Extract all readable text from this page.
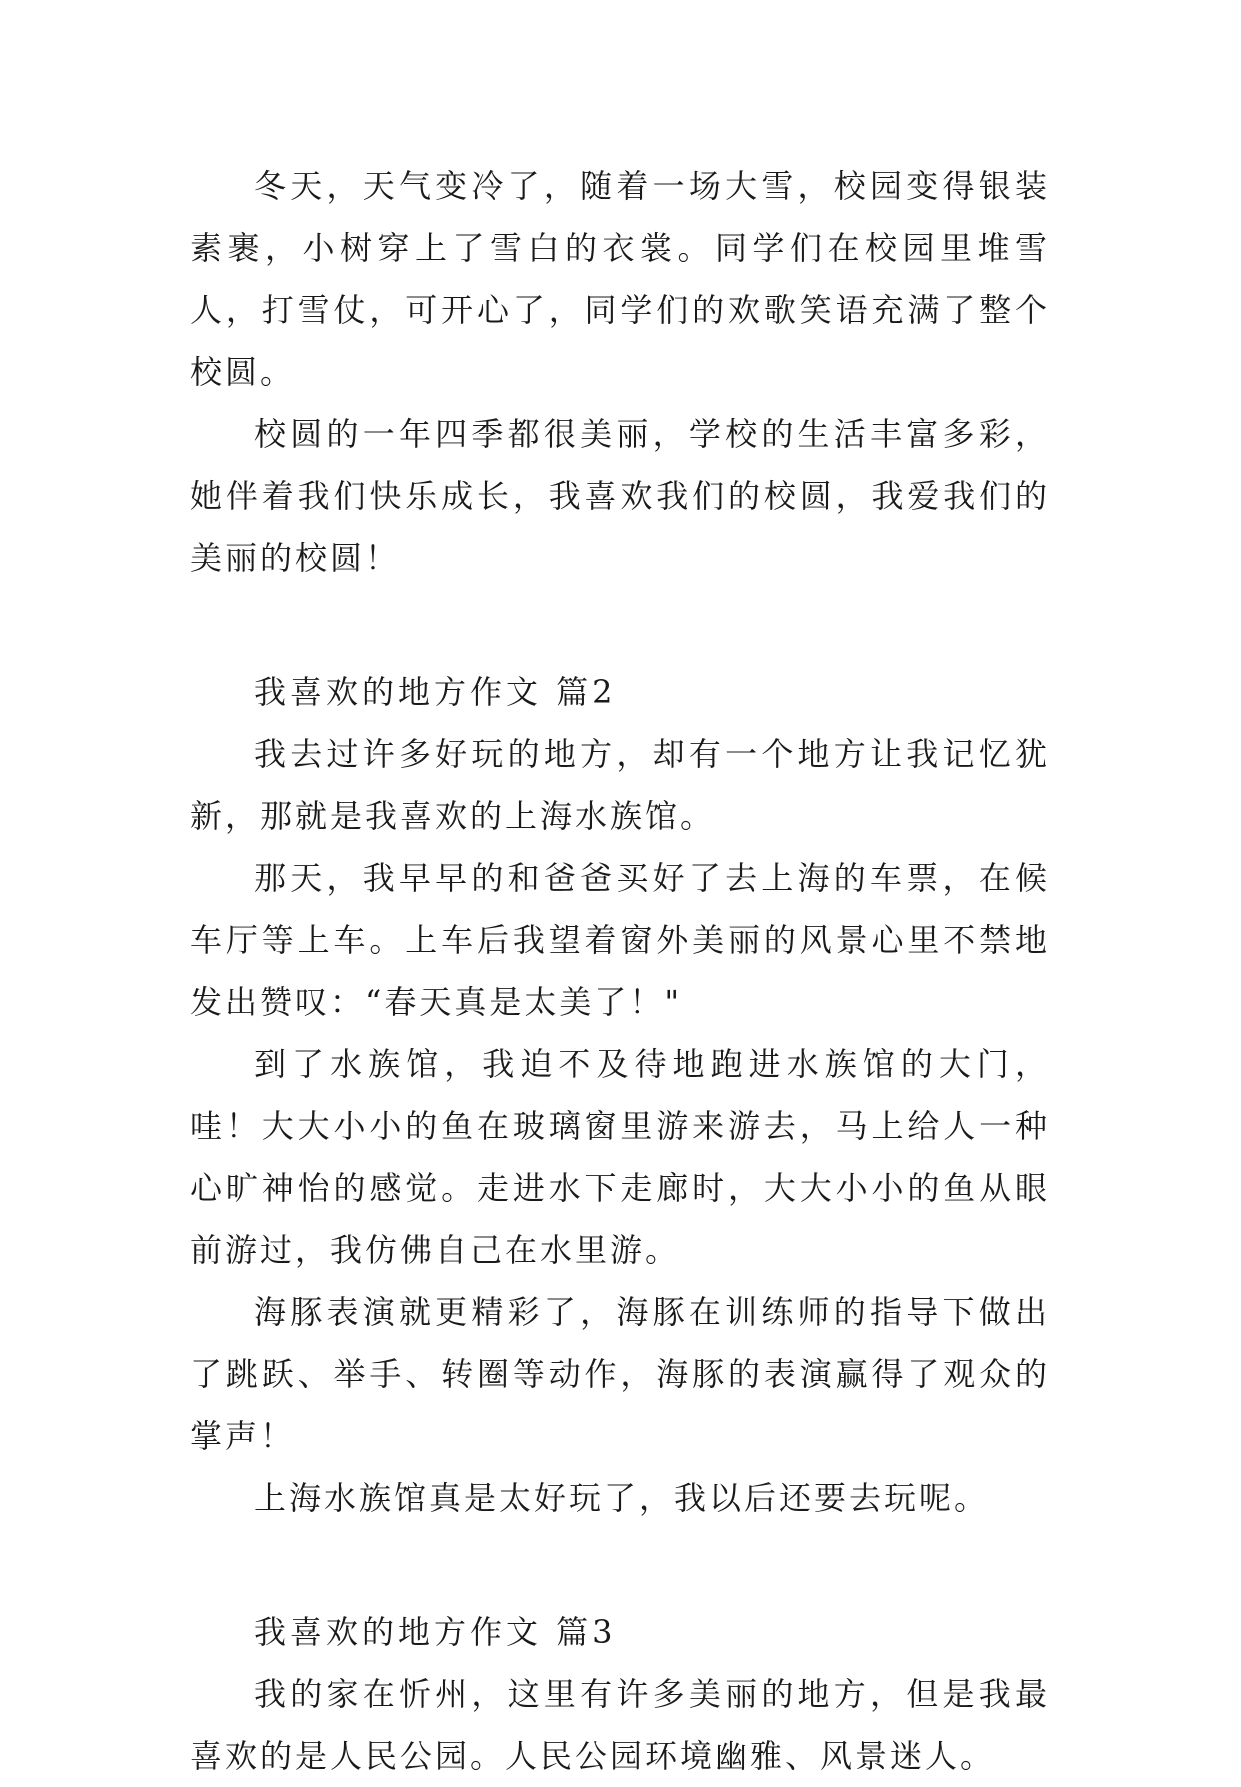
冬天，天气变冷了，随着一场大雪，校园变得银装素裹，小树穿上了雪白的衣裳。同学们在校园里堆雪人，打雪仗，可开心了，同学们的欢歌笑语充满了整个校圆。

校圆的一年四季都很美丽，学校的生活丰富多彩，她伴着我们快乐成长，我喜欢我们的校圆，我爱我们的美丽的校圆！

我喜欢的地方作文 篇2

我去过许多好玩的地方，却有一个地方让我记忆犹新，那就是我喜欢的上海水族馆。

那天，我早早的和爸爸买好了去上海的车票，在候车厅等上车。上车后我望着窗外美丽的风景心里不禁地发出赞叹：“春天真是太美了！"

到了水族馆，我迫不及待地跑进水族馆的大门，哇！大大小小的鱼在玻璃窗里游来游去，马上给人一种心旷神怡的感觉。走进水下走廊时，大大小小的鱼从眼前游过，我仿佛自己在水里游。

海豚表演就更精彩了，海豚在训练师的指导下做出了跳跃、举手、转圈等动作，海豚的表演赢得了观众的掌声！

上海水族馆真是太好玩了，我以后还要去玩呢。

我喜欢的地方作文 篇3

我的家在忻州，这里有许多美丽的地方，但是我最喜欢的是人民公园。人民公园环境幽雅、风景迷人。
